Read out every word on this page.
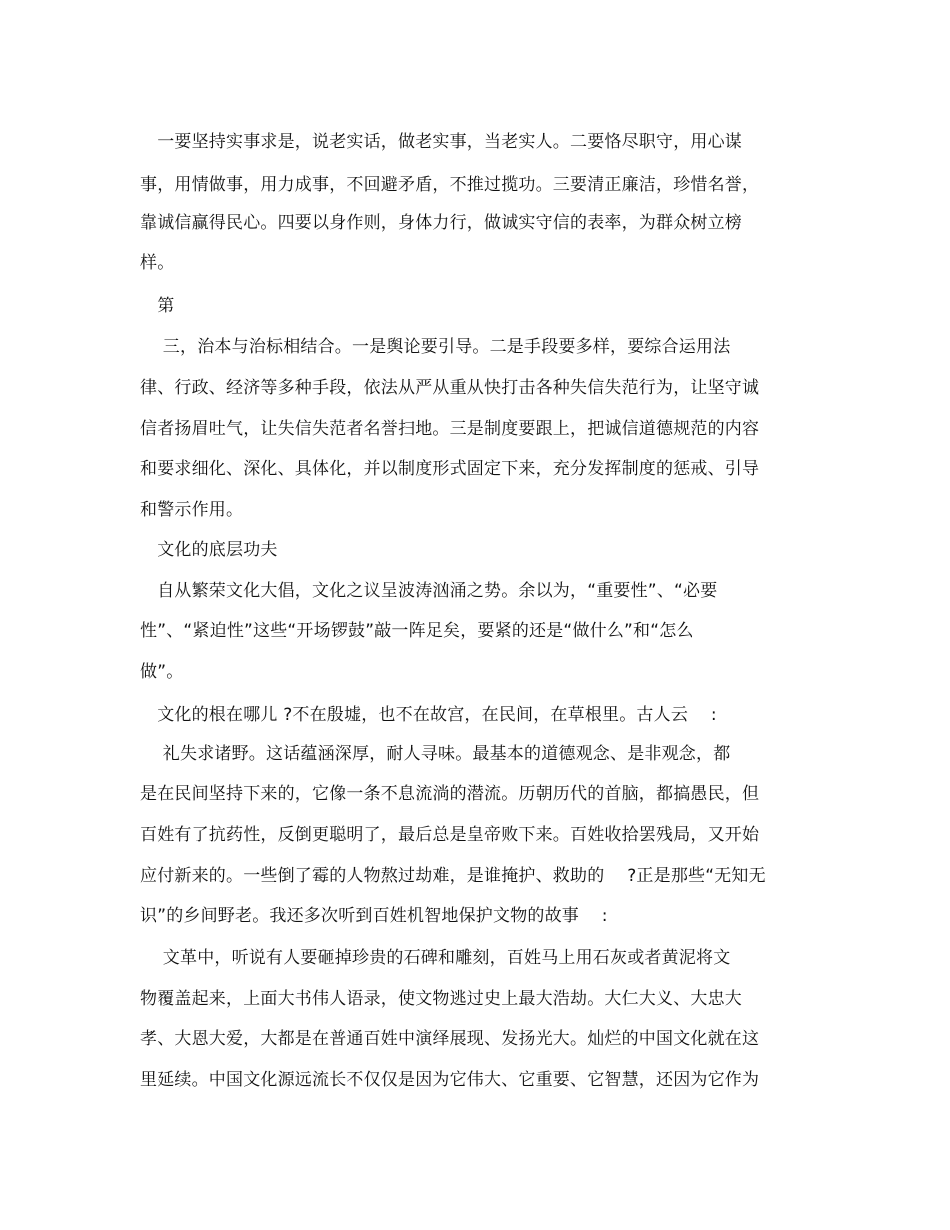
　一要坚持实事求是，说老实话，做老实事，当老实人。二要恪尽职守，用心谋
事，用情做事，用力成事，不回避矛盾，不推过揽功。三要清正廉洁，珍惜名誉，
靠诚信赢得民心。四要以身作则，身体力行，做诚实守信的表率，为群众树立榜
样。
　第
　 三，治本与治标相结合。一是舆论要引导。二是手段要多样，要综合运用法
律、行政、经济等多种手段，依法从严从重从快打击各种失信失范行为，让坚守诚
信者扬眉吐气，让失信失范者名誉扫地。三是制度要跟上，把诚信道德规范的内容
和要求细化、深化、具体化，并以制度形式固定下来，充分发挥制度的惩戒、引导
和警示作用。
　文化的底层功夫
　自从繁荣文化大倡，文化之议呈波涛汹涌之势。余以为，“重要性”、“必要
性”、“紧迫性”这些“开场锣鼓”敲一阵足矣，要紧的还是“做什么”和“怎么
做”。
　文化的根在哪儿 ?不在殷墟，也不在故宫，在民间，在草根里。古人云　 :
　 礼失求诸野。这话蕴涵深厚，耐人寻味。最基本的道德观念、是非观念，都
是在民间坚持下来的，它像一条不息流淌的潜流。历朝历代的首脑，都搞愚民，但
百姓有了抗药性，反倒更聪明了，最后总是皇帝败下来。百姓收拾罢残局，又开始
应付新来的。一些倒了霉的人物熬过劫难，是谁掩护、救助的　 ?正是那些“无知无
识”的乡间野老。我还多次听到百姓机智地保护文物的故事　 :
　 文革中，听说有人要砸掉珍贵的石碑和雕刻，百姓马上用石灰或者黄泥将文
物覆盖起来，上面大书伟人语录，使文物逃过史上最大浩劫。大仁大义、大忠大
孝、大恩大爱，大都是在普通百姓中演绎展现、发扬光大。灿烂的中国文化就在这
里延续。中国文化源远流长不仅仅是因为它伟大、它重要、它智慧，还因为它作为
